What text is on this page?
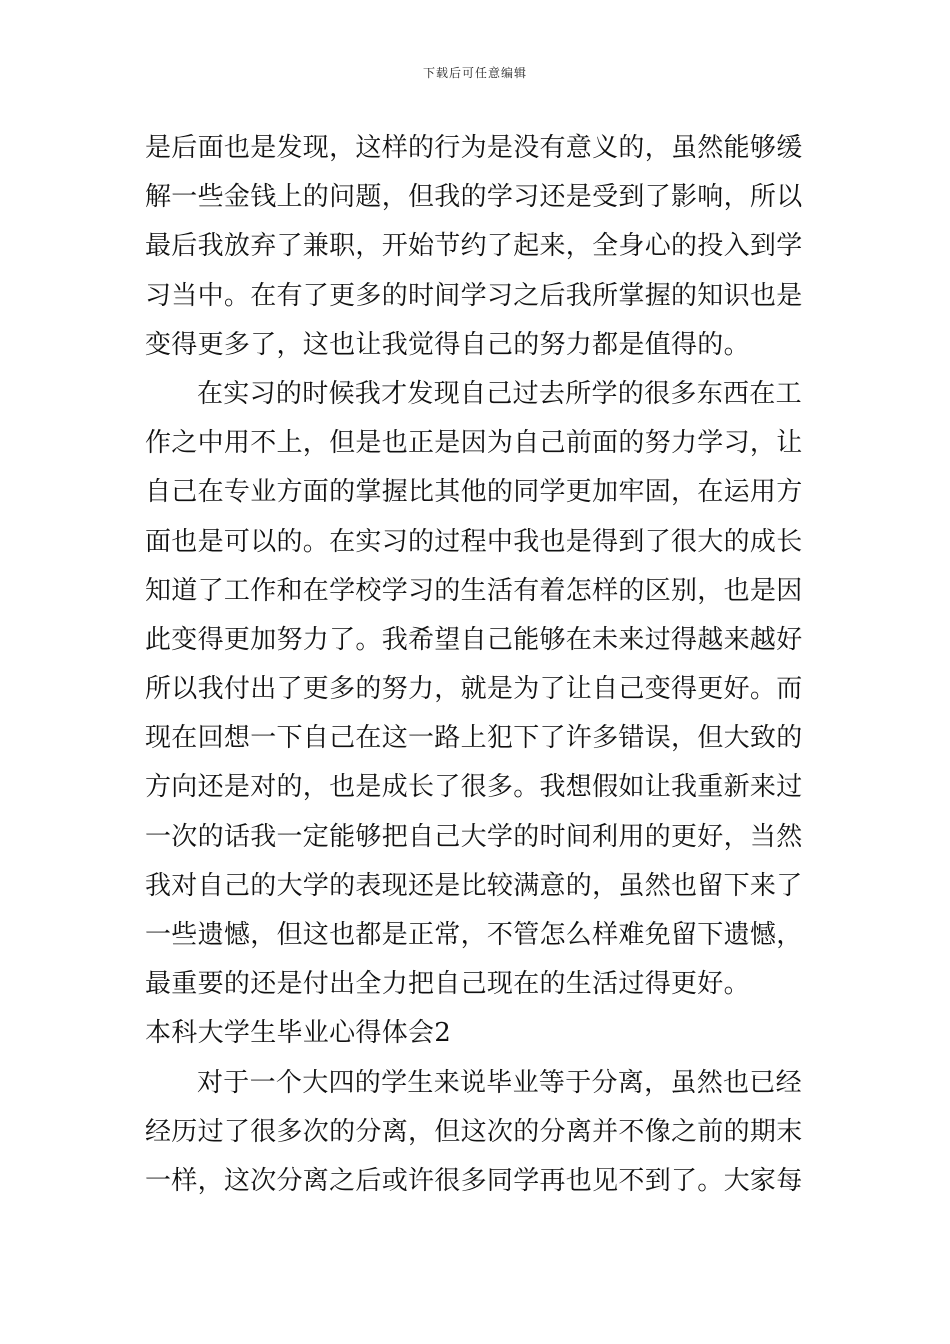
下载后可任意编辑
是后面也是发现，这样的行为是没有意义的，虽然能够缓
解一些金钱上的问题，但我的学习还是受到了影响，所以
最后我放弃了兼职，开始节约了起来，全身心的投入到学
习当中。在有了更多的时间学习之后我所掌握的知识也是
变得更多了，这也让我觉得自己的努力都是值得的。
在实习的时候我才发现自己过去所学的很多东西在工
作之中用不上，但是也正是因为自己前面的努力学习，让
自己在专业方面的掌握比其他的同学更加牢固，在运用方
面也是可以的。在实习的过程中我也是得到了很大的成长
知道了工作和在学校学习的生活有着怎样的区别，也是因
此变得更加努力了。我希望自己能够在未来过得越来越好
所以我付出了更多的努力，就是为了让自己变得更好。而
现在回想一下自己在这一路上犯下了许多错误，但大致的
方向还是对的，也是成长了很多。我想假如让我重新来过
一次的话我一定能够把自己大学的时间利用的更好，当然
我对自己的大学的表现还是比较满意的，虽然也留下来了
一些遗憾，但这也都是正常，不管怎么样难免留下遗憾，
最重要的还是付出全力把自己现在的生活过得更好。
本科大学生毕业心得体会2
对于一个大四的学生来说毕业等于分离，虽然也已经
经历过了很多次的分离，但这次的分离并不像之前的期末
一样，这次分离之后或许很多同学再也见不到了。大家每
